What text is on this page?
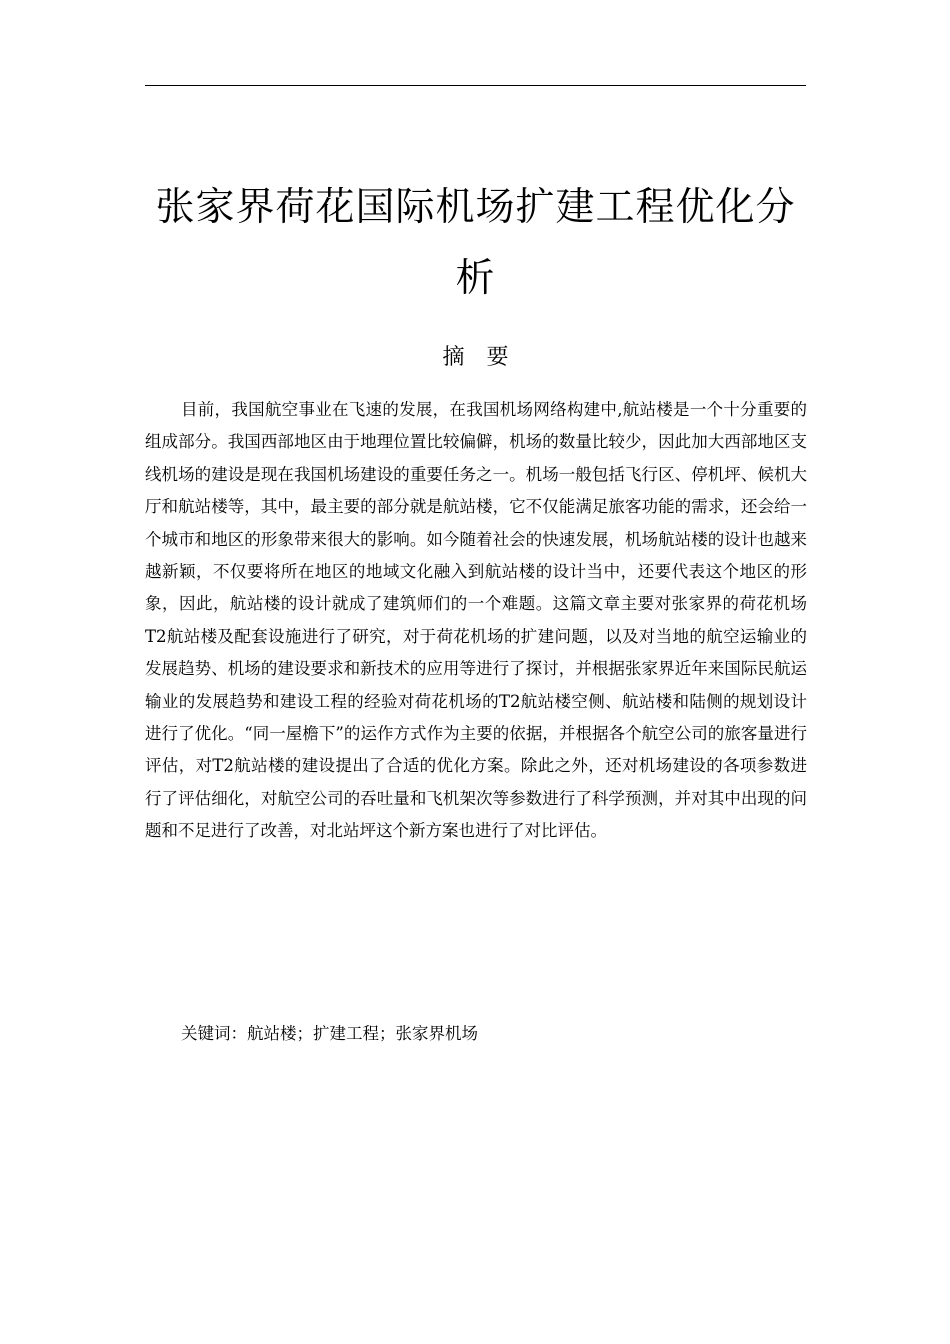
张家界荷花国际机场扩建工程优化分析
摘要

目前，我国航空事业在飞速的发展，在我国机场网络构建中,航站楼是一个十分重要的组成部分。我国西部地区由于地理位置比较偏僻，机场的数量比较少，因此加大西部地区支线机场的建设是现在我国机场建设的重要任务之一。机场一般包括飞行区、停机坪、候机大厅和航站楼等，其中，最主要的部分就是航站楼，它不仅能满足旅客功能的需求，还会给一个城市和地区的形象带来很大的影响。如今随着社会的快速发展，机场航站楼的设计也越来越新颖，不仅要将所在地区的地域文化融入到航站楼的设计当中，还要代表这个地区的形象，因此，航站楼的设计就成了建筑师们的一个难题。这篇文章主要对张家界的荷花机场T2航站楼及配套设施进行了研究，对于荷花机场的扩建问题，以及对当地的航空运输业的发展趋势、机场的建设要求和新技术的应用等进行了探讨，并根据张家界近年来国际民航运输业的发展趋势和建设工程的经验对荷花机场的T2航站楼空侧、航站楼和陆侧的规划设计进行了优化。“同一屋檐下”的运作方式作为主要的依据，并根据各个航空公司的旅客量进行评估，对T2航站楼的建设提出了合适的优化方案。除此之外，还对机场建设的各项参数进行了评估细化，对航空公司的吞吐量和飞机架次等参数进行了科学预测，并对其中出现的问题和不足进行了改善，对北站坪这个新方案也进行了对比评估。

关键词：航站楼；扩建工程；张家界机场
